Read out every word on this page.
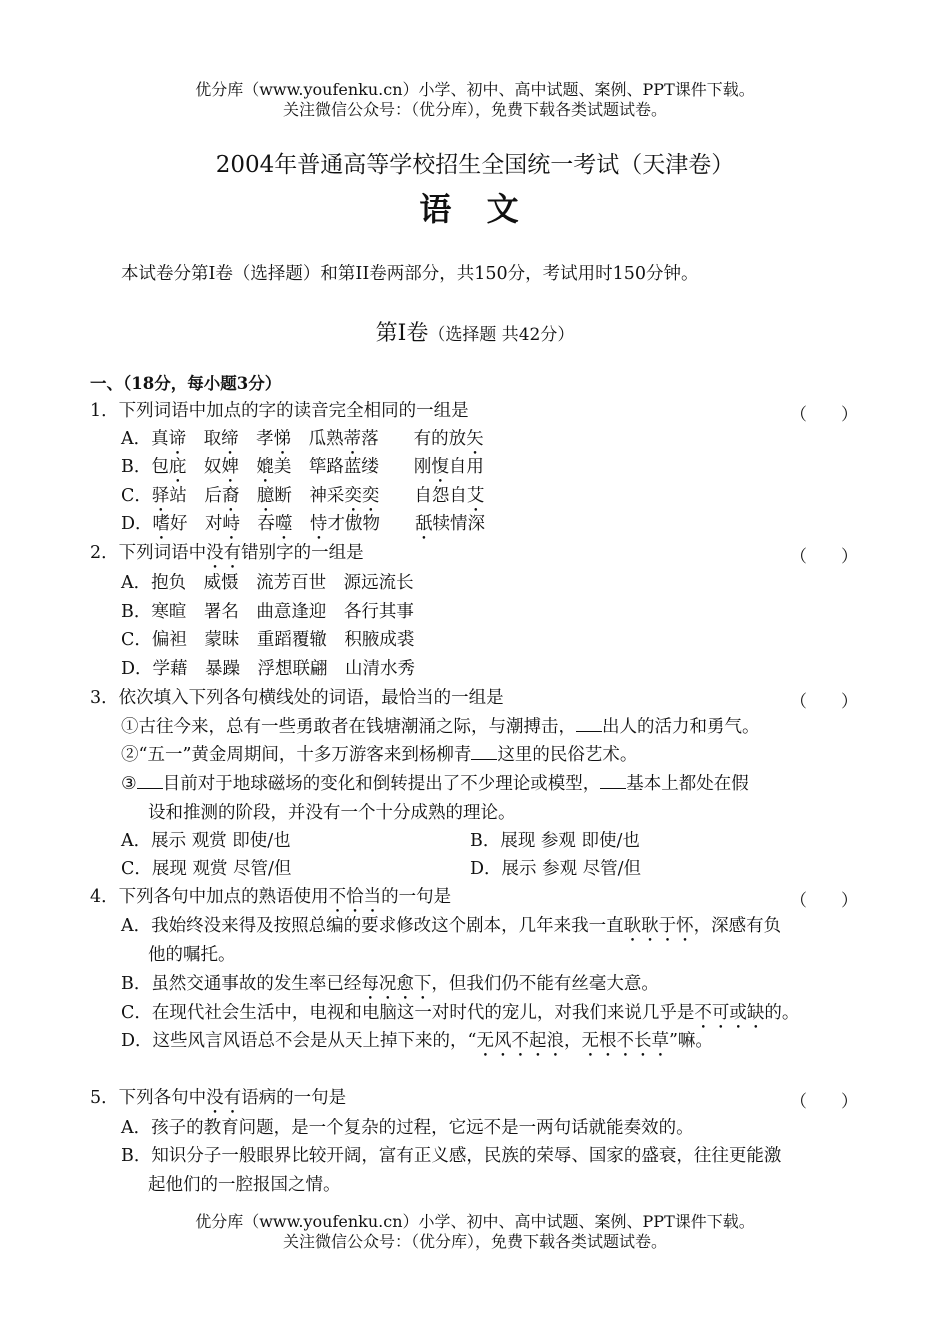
优分库（www.youfenku.cn）小学、初中、高中试题、案例、PPT课件下载。
关注微信公众号：（优分库），免费下载各类试题试卷。
2004年普通高等学校招生全国统一考试（天津卷）
语 文
本试卷分第I卷（选择题）和第II卷两部分，共150分，考试用时150分钟。
第I卷（选择题 共42分）
一、（18分，每小题3分）
1．下列词语中加点的字的读音完全相同的一组是	（　　）
A．真谛　取缔　孝悌　瓜熟蒂落　　有的放矢
B．包庇　奴婢　 媲美　筚路蓝缕　　刚愎自用
C．驿站　后裔　 臆断　神采奕奕　　自怨自艾
D．嗜好　对峙　吞噬　 恃才傲物　　舐犊情深
2．下列词语中没有错别字的一组是	（　　）
A．抱负　威慑　流芳百世　源远流长
B．寒暄　署名　曲意逢迎　各行其事
C．偏袒　蒙昧　重蹈覆辙　积腋成裘
D．学藉　暴躁　浮想联翩　山清水秀
3．依次填入下列各句横线处的词语，最恰当的一组是	（　　）
①古往今来，总有一些勇敢者在钱塘潮涌之际，与潮搏击， 出人的活力和勇气。
②“五一”黄金周期间，十多万游客来到杨柳青 这里的民俗艺术。
③ 目前对于地球磁场的变化和倒转提出了不少理论或模型， 基本上都处在假
设和推测的阶段，并没有一个十分成熟的理论。
A．展示 观赏 即使/也	B．展现 参观 即使/也
C．展现 观赏 尽管/但	D．展示 参观 尽管/但
4．下列各句中加点的熟语使用不恰当的一句是	（　　）
A．我始终没来得及按照总编的要求修改这个剧本，几年来我一直耿耿于怀，深感有负
他的嘱托。
B．虽然交通事故的发生率已经每况愈下，但我们仍不能有丝毫大意。
C．在现代社会生活中，电视和电脑这一对时代的宠儿，对我们来说几乎是不可或缺的。
D．这些风言风语总不会是从天上掉下来的，“无风不起浪，无根不长草”嘛。
5．下列各句中没有语病的一句是	（　　）
A．孩子的教育问题，是一个复杂的过程，它远不是一两句话就能奏效的。
B．知识分子一般眼界比较开阔，富有正义感，民族的荣辱、国家的盛衰，往往更能激
起他们的一腔报国之情。
优分库（www.youfenku.cn）小学、初中、高中试题、案例、PPT课件下载。
关注微信公众号：（优分库），免费下载各类试题试卷。
